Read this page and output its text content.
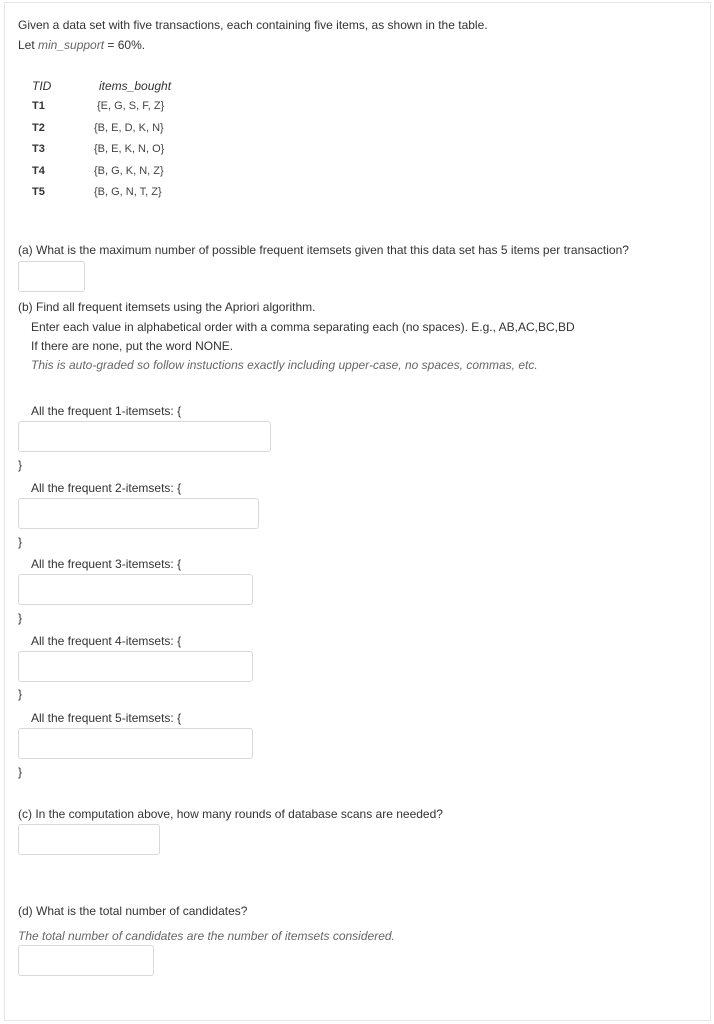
Given a data set with five transactions, each containing five items, as shown in the table.
Let min_support = 60%.
TID	items_bought
T1	{E, G, S, F, Z}
T2	{B, E, D, K, N}
T3	{B, E, K, N, O}
T4	{B, G, K, N, Z}
T5	{B, G, N, T, Z}
(a) What is the maximum number of possible frequent itemsets given that this data set has 5 items per transaction?
(b) Find all frequent itemsets using the Apriori algorithm.
Enter each value in alphabetical order with a comma separating each (no spaces). E.g., AB,AC,BC,BD
If there are none, put the word NONE.
This is auto-graded so follow instuctions exactly including upper-case, no spaces, commas, etc.
All the frequent 1-itemsets: {
}
All the frequent 2-itemsets: {
}
All the frequent 3-itemsets: {
}
All the frequent 4-itemsets: {
}
All the frequent 5-itemsets: {
}
(c) In the computation above, how many rounds of database scans are needed?
(d) What is the total number of candidates?
The total number of candidates are the number of itemsets considered.
